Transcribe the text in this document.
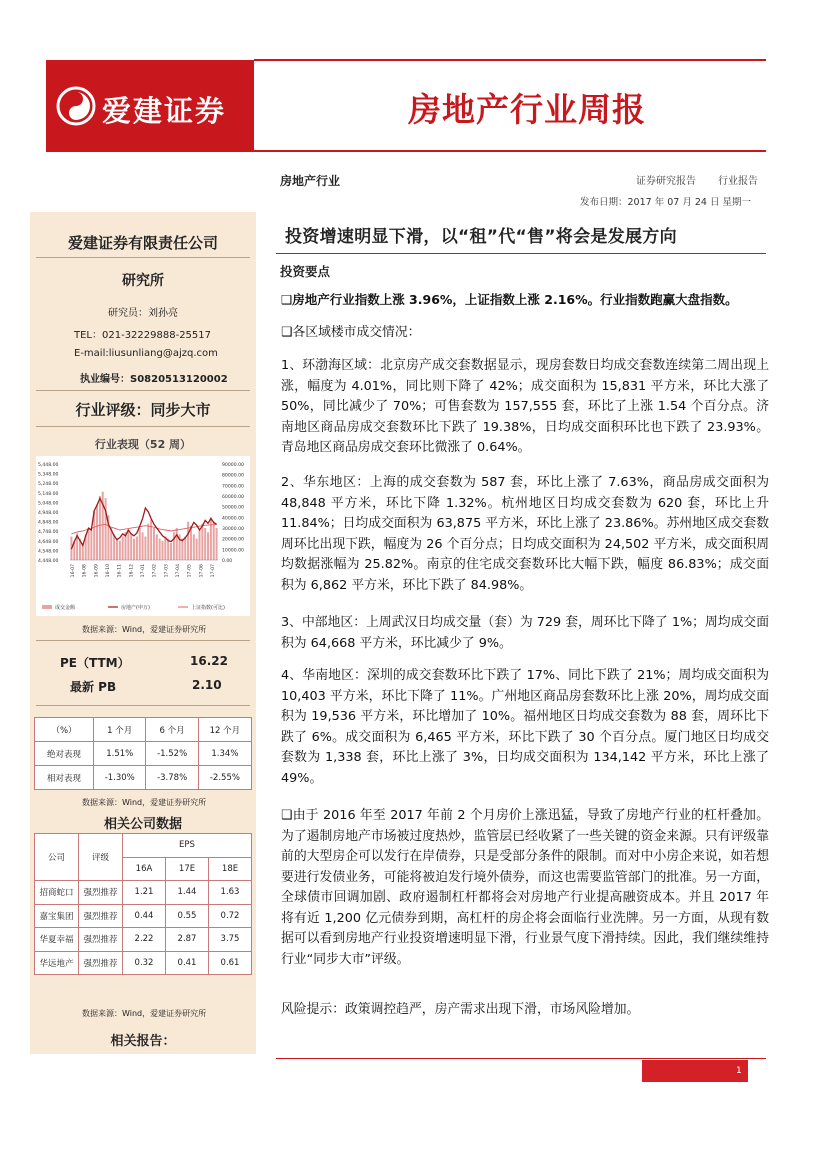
爱建证券	房地产行业周报
房地产行业	证券研究报告 行业报告
发布日期：2017 年 07 月 24 日 星期一
爱建证券有限责任公司
研究所
研究员：刘孙亮
TEL：021-32229888-25517
E-mail:liusunliang@ajzq.com
执业编号：S0820513120002
行业评级：同步大市
行业表现（52 周）
5,448.00
5,348.00
5,248.00
5,148.00
5,048.00
4,948.00
4,848.00
4,748.00
4,648.00
4,548.00
4,448.00
90000.00
80000.00
70000.00
60000.00
50000.00
40000.00
30000.00
20000.00
10000.00
0.00
16-07 16-08 16-09 16-10 16-11 16-12 17-01 17-02 17-03 17-04 17-05 17-06 17-07
成交金额	房地产(申万)	上证指数(可比)
数据来源：Wind，爱建证券研究所
PE（TTM）	16.22
最新 PB	2.10
（%）	1 个月	6 个月	12 个月
绝对表现	1.51%	-1.52%	1.34%
相对表现	-1.30%	-3.78%	-2.55%
数据来源：Wind，爱建证券研究所
相关公司数据
公司	评级	EPS		
		16A	17E	18E
招商蛇口	强烈推荐	1.21	1.44	1.63
嘉宝集团	强烈推荐	0.44	0.55	0.72
华夏幸福	强烈推荐	2.22	2.87	3.75
华远地产	强烈推荐	0.32	0.41	0.61
数据来源：Wind，爱建证券研究所
相关报告：
投资增速明显下滑，以“租”代“售”将会是发展方向
投资要点
❑房地产行业指数上涨 3.96%，上证指数上涨 2.16%。行业指数跑赢大盘指数。
❑各区域楼市成交情况：
1、环渤海区域：北京房产成交套数据显示，现房套数日均成交套数连续第二周出现上涨，幅度为 4.01%，同比则下降了 42%；成交面积为 15,831 平方米，环比大涨了 50%，同比减少了 70%；可售套数为 157,555 套，环比了上涨 1.54 个百分点。济南地区商品房成交套数环比下跌了 19.38%，日均成交面积环比也下跌了 23.93%。青岛地区商品房成交套环比微涨了 0.64%。
2、华东地区：上海的成交套数为 587 套，环比上涨了 7.63%，商品房成交面积为 48,848 平方米，环比下降 1.32%。杭州地区日均成交套数为 620 套，环比上升 11.84%；日均成交面积为 63,875 平方米，环比上涨了 23.86%。苏州地区成交套数周环比出现下跌，幅度为 26 个百分点；日均成交面积为 24,502 平方米，成交面积周均数据涨幅为 25.82%。南京的住宅成交套数环比大幅下跌，幅度 86.83%；成交面积为 6,862 平方米，环比下跌了 84.98%。
3、中部地区：上周武汉日均成交量（套）为 729 套，周环比下降了 1%；周均成交面积为 64,668 平方米，环比减少了 9%。
4、华南地区：深圳的成交套数环比下跌了 17%、同比下跌了 21%；周均成交面积为 10,403 平方米，环比下降了 11%。广州地区商品房套数环比上涨 20%，周均成交面积为 19,536 平方米，环比增加了 10%。福州地区日均成交套数为 88 套，周环比下跌了 6%。成交面积为 6,465 平方米，环比下跌了 30 个百分点。厦门地区日均成交套数为 1,338 套，环比上涨了 3%，日均成交面积为 134,142 平方米，环比上涨了 49%。
❑由于 2016 年至 2017 年前 2 个月房价上涨迅猛，导致了房地产行业的杠杆叠加。为了遏制房地产市场被过度热炒，监管层已经收紧了一些关键的资金来源。只有评级靠前的大型房企可以发行在岸债券，只是受部分条件的限制。而对中小房企来说，如若想要进行发债业务，可能将被迫发行境外债券，而这也需要监管部门的批准。另一方面，全球债市回调加剧、政府遏制杠杆都将会对房地产行业提高融资成本。并且 2017 年将有近 1,200 亿元债券到期，高杠杆的房企将会面临行业洗牌。另一方面，从现有数据可以看到房地产行业投资增速明显下滑，行业景气度下滑持续。因此，我们继续维持行业“同步大市”评级。
风险提示：政策调控趋严，房产需求出现下滑，市场风险增加。
1
